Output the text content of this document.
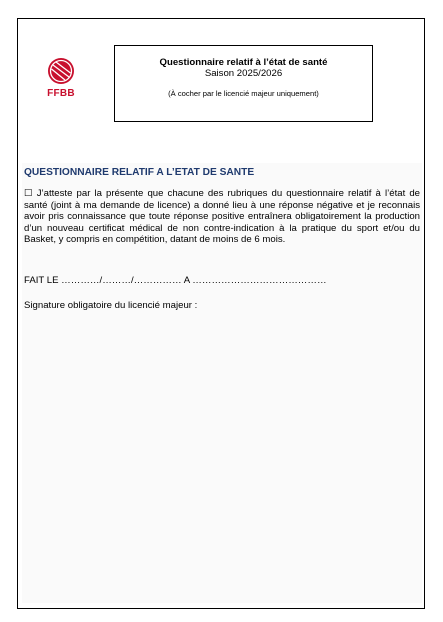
FFBB
Questionnaire relatif à l’état de santé
Saison 2025/2026
(À cocher par le licencié majeur uniquement)
QUESTIONNAIRE RELATIF A L’ETAT DE SANTE
☐ J’atteste par la présente que chacune des rubriques du questionnaire relatif à l’état de santé (joint à ma demande de licence) a donné lieu à une réponse négative et je reconnais avoir pris connaissance que toute réponse positive entraînera obligatoirement la production d’un nouveau certificat médical de non contre-indication à la pratique du sport et/ou du Basket, y compris en compétition, datant de moins de 6 mois.
FAIT LE …………/………/…………… A ……………………………………
Signature obligatoire du licencié majeur :
